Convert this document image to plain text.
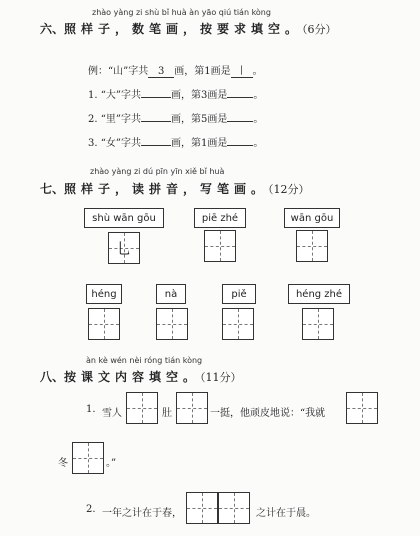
zhào yàng zi shù bǐ huà àn yāo qiú tián kòng
六、照样子，数笔画，按要求填空。（6分）
例：“山”字共 3 画，第1画是 丨 。
1. “大”字共	画，第3画是	。
2. “里”字共	画，第5画是	。
3. “女”字共	画，第1画是	。
zhào yàng zi dú pīn yīn xiě bǐ huà
七、照样子，读拼音，写笔画。（12分）
shù wān gōu	piē zhé	wān gōu
乚
héng	nà	piě	héng zhé
àn kè wén nèi róng tián kòng
八、按课文内容填空。（11分）
1. 雪人	肚	一挺，他顽皮地说：“我就
冬	。”
2. 一年之计在于春，	之计在于晨。
